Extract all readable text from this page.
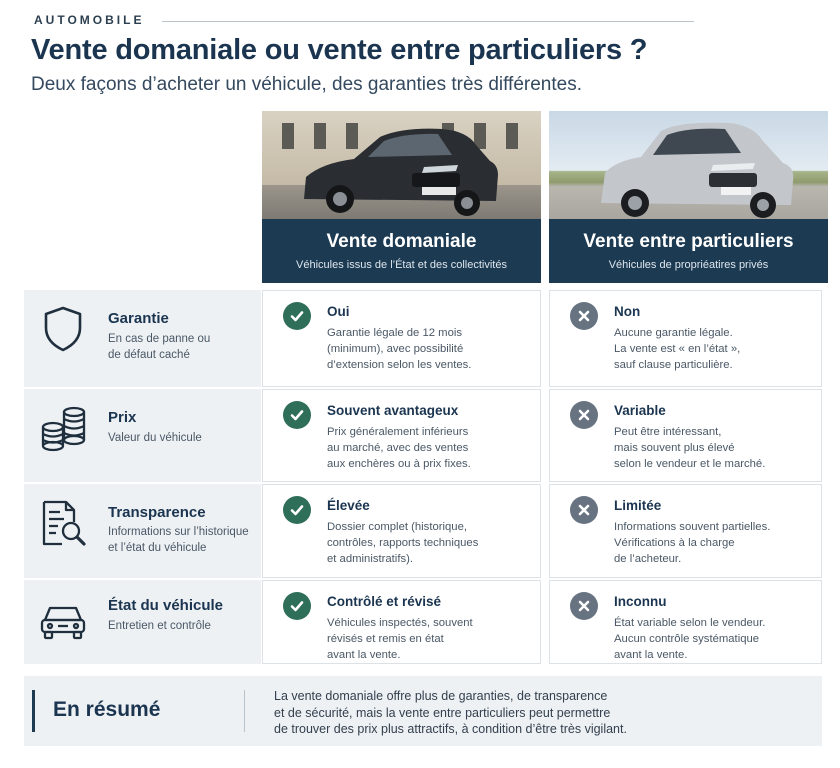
AUTOMOBILE
Vente domaniale ou vente entre particuliers ?
Deux façons d’acheter un véhicule, des garanties très différentes.
Vente domaniale
Véhicules issus de l’État et des collectivités
Vente entre particuliers
Véhicules de propriéatires privés
Garantie
En cas de panne ou
de défaut caché
Oui
Garantie légale de 12 mois
(minimum), avec possibilité
d’extension selon les ventes.
Non
Aucune garantie légale.
La vente est « en l’état »,
sauf clause particulière.
Prix
Valeur du véhicule
Souvent avantageux
Prix généralement inférieurs
au marché, avec des ventes
aux enchères ou à prix fixes.
Variable
Peut être intéressant,
mais souvent plus élevé
selon le vendeur et le marché.
Transparence
Informations sur l’historique
et l’état du véhicule
Élevée
Dossier complet (historique,
contrôles, rapports techniques
et administratifs).
Limitée
Informations souvent partielles.
Vérifications à la charge
de l’acheteur.
État du véhicule
Entretien et contrôle
Contrôlé et révisé
Véhicules inspectés, souvent
révisés et remis en état
avant la vente.
Inconnu
État variable selon le vendeur.
Aucun contrôle systématique
avant la vente.
En résumé
La vente domaniale offre plus de garanties, de transparence
et de sécurité, mais la vente entre particuliers peut permettre
de trouver des prix plus attractifs, à condition d’être très vigilant.
